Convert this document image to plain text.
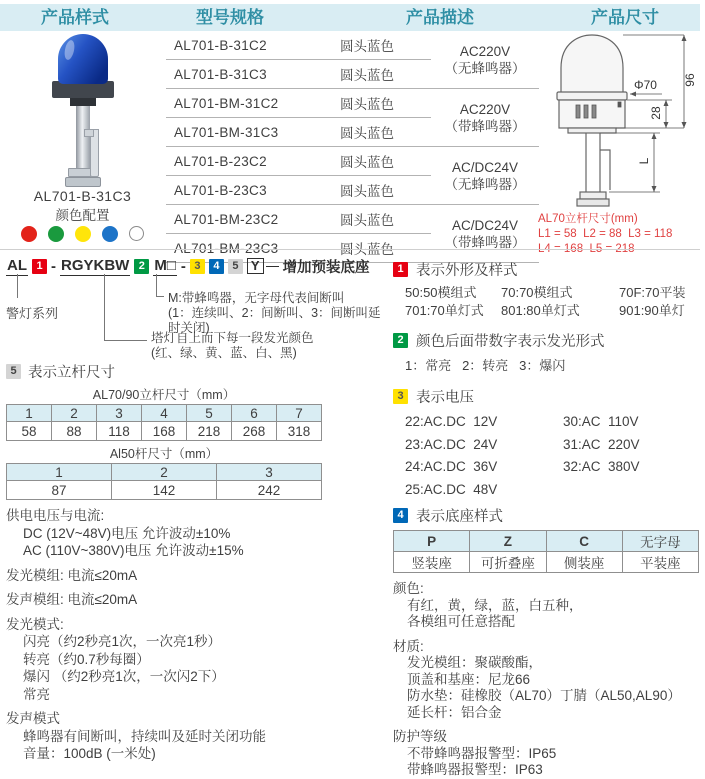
产品样式	型号规格	产品描述	产品尺寸
AL701-B-31C3
颜色配置
AL701-B-31C2	圆头蓝色	AC220V
（无蜂鸣器）
AL701-B-31C3	圆头蓝色	
AL701-BM-31C2	圆头蓝色	AC220V
（带蜂鸣器）
AL701-BM-31C3	圆头蓝色	
AL701-B-23C2	圆头蓝色	AC/DC24V
（无蜂鸣器）
AL701-B-23C3	圆头蓝色	
AL701-BM-23C2	圆头蓝色	AC/DC24V
（带蜂鸣器）
AL701-BM-23C3	圆头蓝色	
Φ70 96
28
L
AL70立杆尺寸(mm)
L1 = 58  L2 = 88  L3 = 118
L4 = 168  L5 = 218
AL 1 - RGYKBW 2 M□ - 3	4	5 Y 增加预装底座
警灯系列
M:带蜂鸣器，无字母代表间断叫
(1：连续叫、2：间断叫、3：间断叫延时关闭)
塔灯自上而下每一段发光颜色
(红、绿、黄、蓝、白、黑)
5 表示立杆尺寸
AL70/90立杆尺寸（mm）
1	2	3	4	5	6	7
58	88	118	168	218	268	318
Al50杆尺寸（mm）
1	2	3
87	142	242
供电电压与电流:
DC (12V~48V)电压 允许波动±10%
AC (110V~380V)电压 允许波动±15%
发光模组: 电流≤20mA
发声模组: 电流≤20mA
发光模式:
闪亮（约2秒亮1次，一次亮1秒）
转亮（约0.7秒每圈）
爆闪 （约2秒亮1次，一次闪2下）
常亮
发声模式
蜂鸣器有间断叫，持续叫及延时关闭功能
音量：100dB (一米处)
1 表示外形及样式
50:50模组式	70:70模组式	70F:70平装
701:70单灯式	801:80单灯式	901:90单灯
2 颜色后面带数字表示发光形式
1：常亮   2：转亮   3：爆闪
3 表示电压
22:AC.DC  12V
23:AC.DC  24V
24:AC.DC  36V
25:AC.DC  48V
30:AC  110V
31:AC  220V
32:AC  380V
4 表示底座样式
P	Z	C	无字母
竖装座	可折叠座	侧装座	平装座
颜色:
有红，黄，绿，蓝，白五种，
各模组可任意搭配
材质:
发光模组：聚碳酸酯，
顶盖和基座：尼龙66
防水垫：硅橡胶（AL70）丁腈（AL50,AL90）
延长杆：铝合金
防护等级
不带蜂鸣器报警型：IP65
带蜂鸣器报警型：IP63
